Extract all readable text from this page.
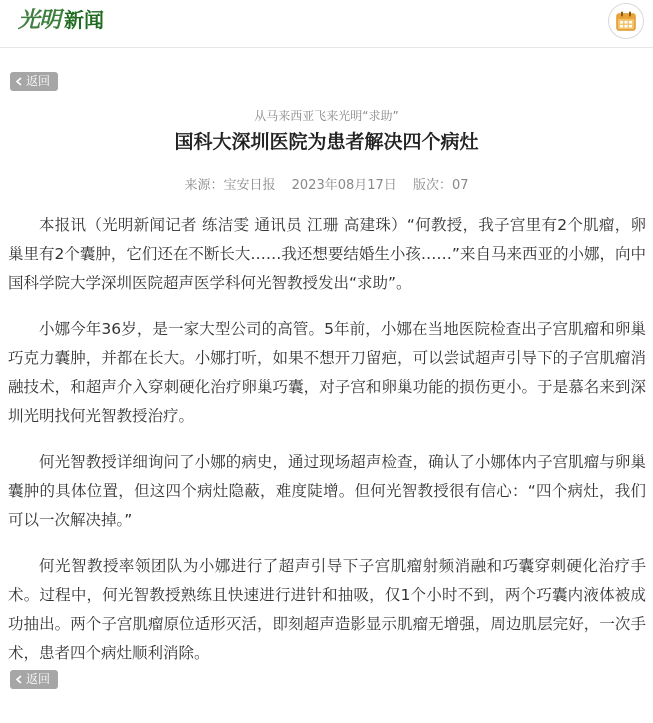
光明 新闻
返回
从马来西亚飞来光明“求助”
国科大深圳医院为患者解决四个病灶
来源：宝安日报 2023年08月17日 版次：07

本报讯（光明新闻记者 练洁雯 通讯员 江珊 高建珠）“何教授，我子宫里有2个肌瘤，卵巢里有2个囊肿，它们还在不断长大……我还想要结婚生小孩……”来自马来西亚的小娜，向中国科学院大学深圳医院超声医学科何光智教授发出“求助”。

小娜今年36岁，是一家大型公司的高管。5年前，小娜在当地医院检查出子宫肌瘤和卵巢巧克力囊肿，并都在长大。小娜打听，如果不想开刀留疤，可以尝试超声引导下的子宫肌瘤消融技术，和超声介入穿刺硬化治疗卵巢巧囊，对子宫和卵巢功能的损伤更小。于是慕名来到深圳光明找何光智教授治疗。

何光智教授详细询问了小娜的病史，通过现场超声检查，确认了小娜体内子宫肌瘤与卵巢囊肿的具体位置，但这四个病灶隐蔽，难度陡增。但何光智教授很有信心：“四个病灶，我们可以一次解决掉。”

何光智教授率领团队为小娜进行了超声引导下子宫肌瘤射频消融和巧囊穿刺硬化治疗手术。过程中，何光智教授熟练且快速进行进针和抽吸，仅1个小时不到，两个巧囊内液体被成功抽出。两个子宫肌瘤原位适形灭活，即刻超声造影显示肌瘤无增强，周边肌层完好，一次手术，患者四个病灶顺利消除。

返回
